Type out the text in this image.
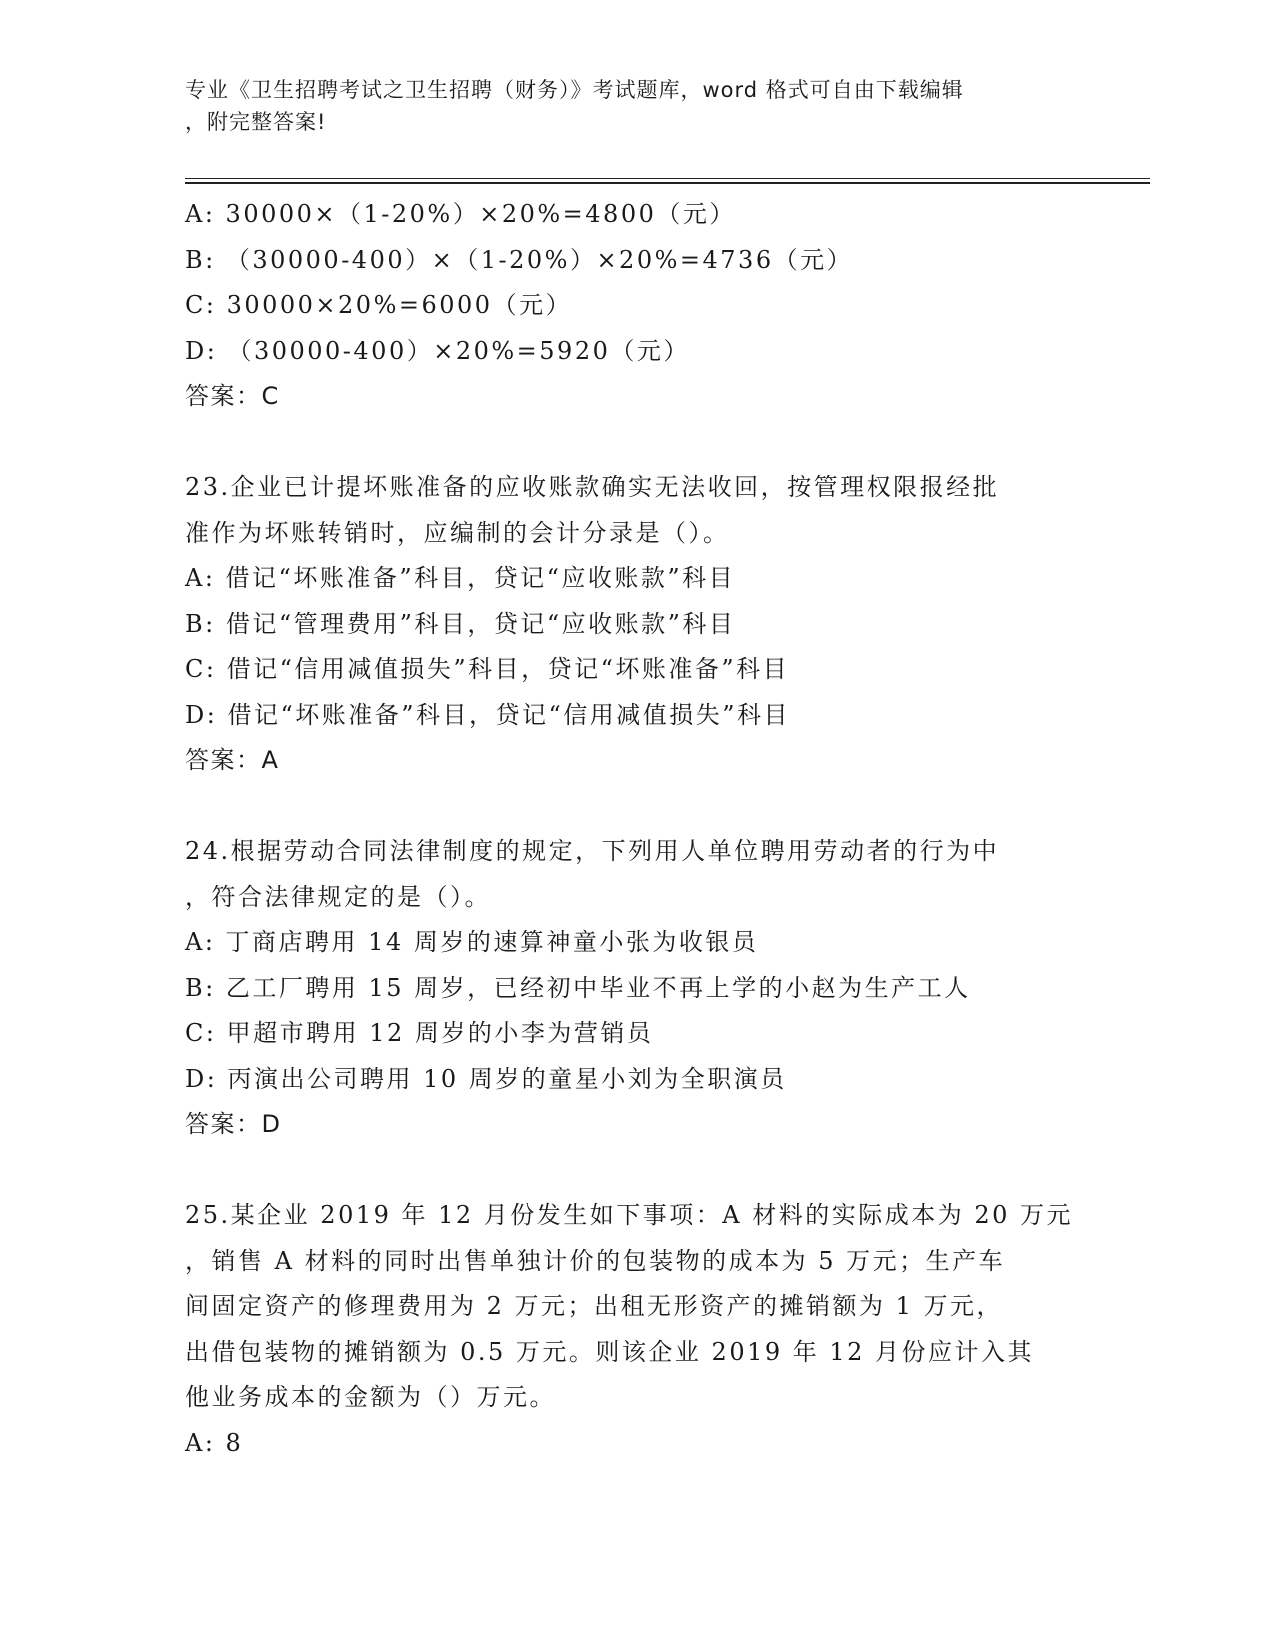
专业《卫生招聘考试之卫生招聘（财务）》考试题库，word 格式可自由下载编辑
，附完整答案!
A: 30000×（1-20%）×20%=4800（元）
B: （30000-400）×（1-20%）×20%=4736（元）
C: 30000×20%=6000（元）
D: （30000-400）×20%=5920（元）
答案：C
23.企业已计提坏账准备的应收账款确实无法收回，按管理权限报经批
准作为坏账转销时，应编制的会计分录是（）。
A: 借记“坏账准备”科目，贷记“应收账款”科目
B: 借记“管理费用”科目，贷记“应收账款”科目
C: 借记“信用减值损失”科目，贷记“坏账准备”科目
D: 借记“坏账准备”科目，贷记“信用减值损失”科目
答案：A
24.根据劳动合同法律制度的规定，下列用人单位聘用劳动者的行为中
，符合法律规定的是（）。
A: 丁商店聘用 14 周岁的速算神童小张为收银员
B: 乙工厂聘用 15 周岁，已经初中毕业不再上学的小赵为生产工人
C: 甲超市聘用 12 周岁的小李为营销员
D: 丙演出公司聘用 10 周岁的童星小刘为全职演员
答案：D
25.某企业 2019 年 12 月份发生如下事项：A 材料的实际成本为 20 万元
，销售 A 材料的同时出售单独计价的包装物的成本为 5 万元；生产车
间固定资产的修理费用为 2 万元；出租无形资产的摊销额为 1 万元，
出借包装物的摊销额为 0.5 万元。则该企业 2019 年 12 月份应计入其
他业务成本的金额为（）万元。
A: 8
